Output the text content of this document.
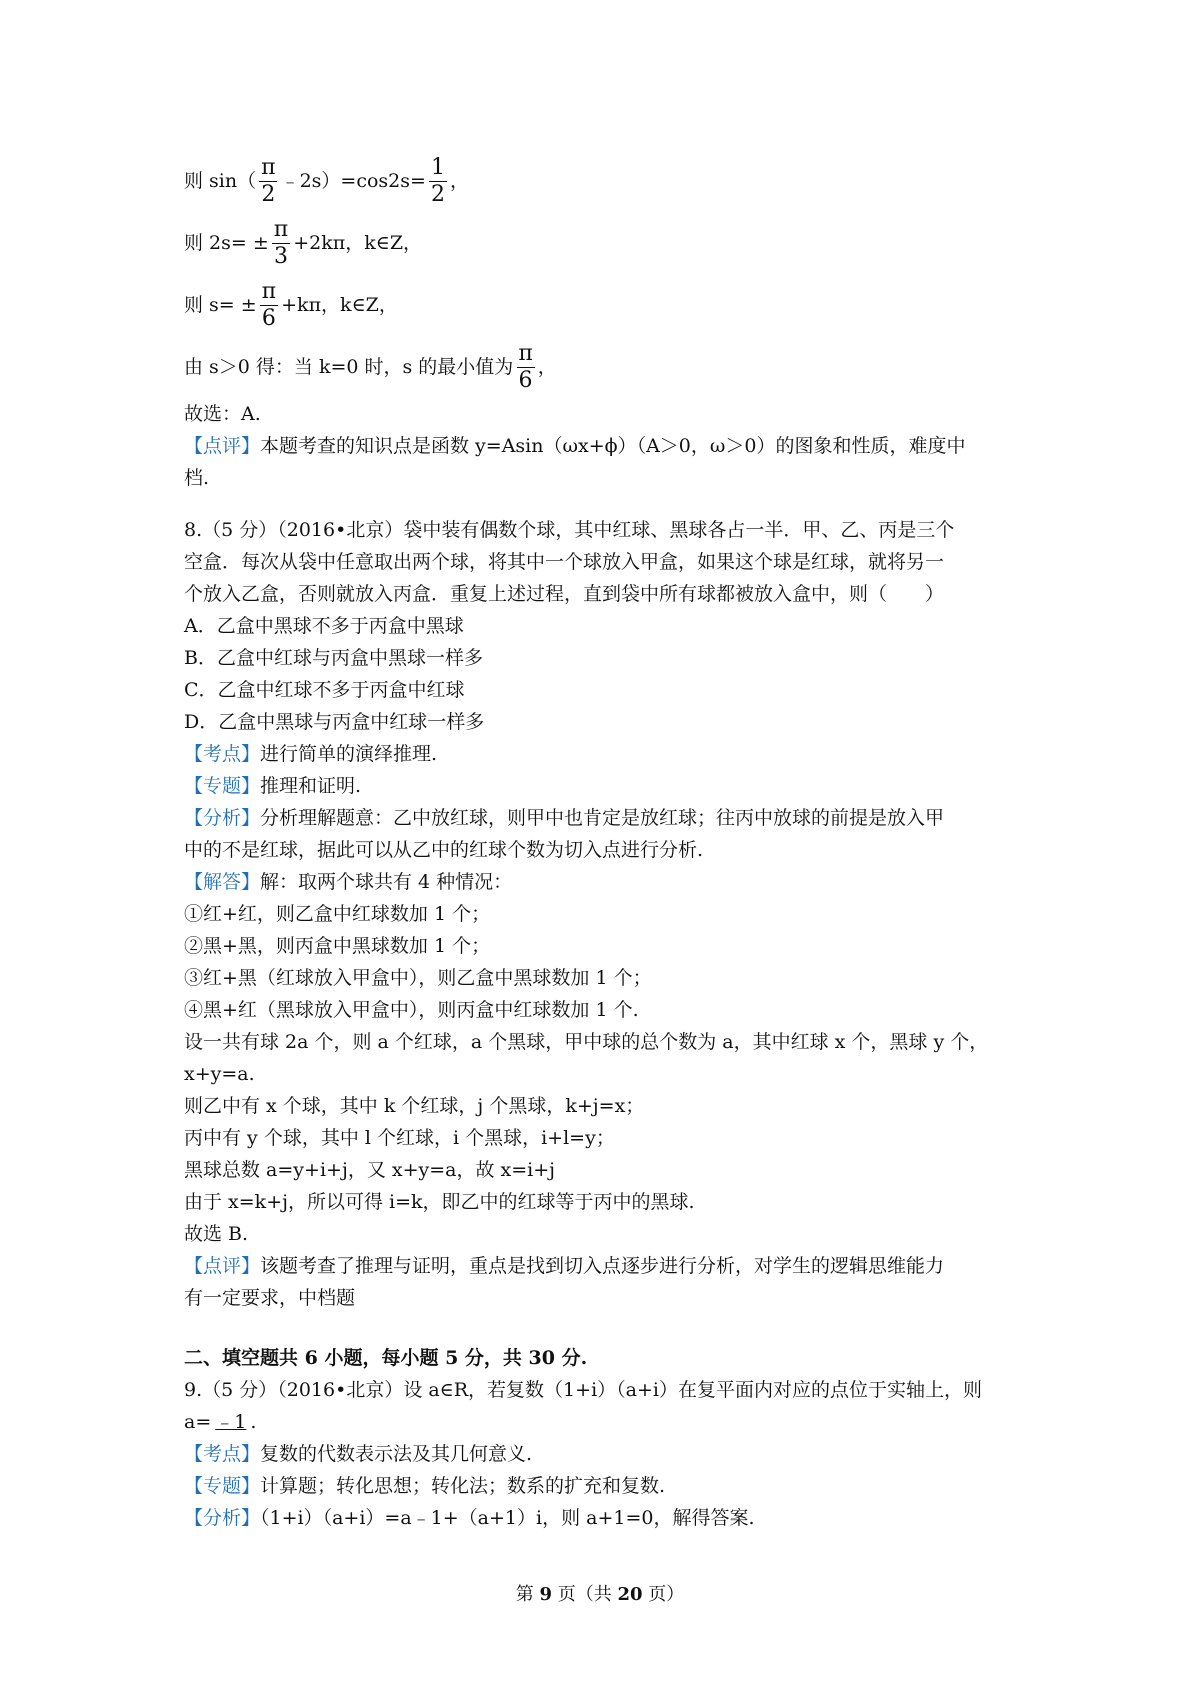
则 $\sin( \frac{\pi}{2}$ ﹣2s）=cos2s= $\frac{1}{2}$ ，
则 $2s= \pm \frac{\pi}{3} +2k\pi$，k∈Z，
则 $s= \pm \frac{\pi}{6} +k\pi$，k∈Z，
由 s＞0 得：当 k=0 时，s 的最小值为 $\frac{\pi}{6}$ ，
故选：A.
【点评】本题考查的知识点是函数 y=Asin（ωx+ϕ）（A＞0，ω＞0）的图象和性质，难度中
档.
8.（5 分）（2016•北京）袋中装有偶数个球，其中红球、黑球各占一半．甲、乙、丙是三个
空盒．每次从袋中任意取出两个球，将其中一个球放入甲盒，如果这个球是红球，就将另一
个放入乙盒，否则就放入丙盒．重复上述过程，直到袋中所有球都被放入盒中，则（　　）
A．乙盒中黑球不多于丙盒中黑球
B．乙盒中红球与丙盒中黑球一样多
C．乙盒中红球不多于丙盒中红球
D．乙盒中黑球与丙盒中红球一样多
【考点】进行简单的演绎推理.
【专题】推理和证明.
【分析】分析理解题意：乙中放红球，则甲中也肯定是放红球；往丙中放球的前提是放入甲
中的不是红球，据此可以从乙中的红球个数为切入点进行分析.
【解答】解：取两个球共有 4 种情况：
①红+红，则乙盒中红球数加 1 个；
②黑+黑，则丙盒中黑球数加 1 个；
③红+黑（红球放入甲盒中），则乙盒中黑球数加 1 个；
④黑+红（黑球放入甲盒中），则丙盒中红球数加 1 个.
设一共有球 2a 个，则 a 个红球，a 个黑球，甲中球的总个数为 a，其中红球 x 个，黑球 y 个，
x+y=a.
则乙中有 x 个球，其中 k 个红球，j 个黑球，k+j=x；
丙中有 y 个球，其中 l 个红球，i 个黑球，i+l=y；
黑球总数 a=y+i+j，又 x+y=a，故 x=i+j
由于 x=k+j，所以可得 i=k，即乙中的红球等于丙中的黑球.
故选 B.
【点评】该题考查了推理与证明，重点是找到切入点逐步进行分析，对学生的逻辑思维能力
有一定要求，中档题
二、填空题共 6 小题，每小题 5 分，共 30 分.
9.（5 分）（2016•北京）设 a∈R，若复数（1+i）（a+i）在复平面内对应的点位于实轴上，则
a= ﹣1 .
【考点】复数的代数表示法及其几何意义.
【专题】计算题；转化思想；转化法；数系的扩充和复数.
【分析】（1+i）（a+i）=a﹣1+（a+1）i，则 a+1=0，解得答案.
第 9 页（共 20 页）
